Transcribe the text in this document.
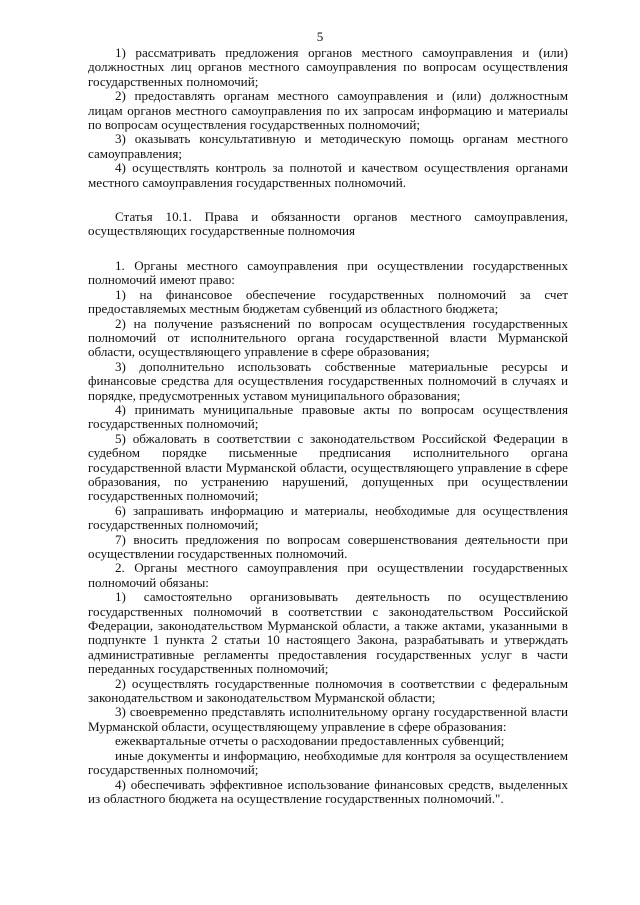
5

1) рассматривать предложения органов местного самоуправления и (или) должностных лиц органов местного самоуправления по вопросам осуществления государственных полномочий;

2) предоставлять органам местного самоуправления и (или) должностным лицам органов местного самоуправления по их запросам информацию и материалы по вопросам осуществления государственных полномочий;

3) оказывать консультативную и методическую помощь органам местного самоуправления;

4) осуществлять контроль за полнотой и качеством осуществления органами местного самоуправления государственных полномочий.

Статья 10.1. Права и обязанности органов местного самоуправления, осуществляющих государственные полномочия

1. Органы местного самоуправления при осуществлении государственных полномочий имеют право:

1) на финансовое обеспечение государственных полномочий за счет предоставляемых местным бюджетам субвенций из областного бюджета;

2) на получение разъяснений по вопросам осуществления государственных полномочий от исполнительного органа государственной власти Мурманской области, осуществляющего управление в сфере образования;

3) дополнительно использовать собственные материальные ресурсы и финансовые средства для осуществления государственных полномочий в случаях и порядке, предусмотренных уставом муниципального образования;

4) принимать муниципальные правовые акты по вопросам осуществления государственных полномочий;

5) обжаловать в соответствии с законодательством Российской Федерации в судебном порядке письменные предписания исполнительного органа государственной власти Мурманской области, осуществляющего управление в сфере образования, по устранению нарушений, допущенных при осуществлении государственных полномочий;

6) запрашивать информацию и материалы, необходимые для осуществления государственных полномочий;

7) вносить предложения по вопросам совершенствования деятельности при осуществлении государственных полномочий.

2. Органы местного самоуправления при осуществлении государственных полномочий обязаны:

1) самостоятельно организовывать деятельность по осуществлению государственных полномочий в соответствии с законодательством Российской Федерации, законодательством Мурманской области, а также актами, указанными в подпункте 1 пункта 2 статьи 10 настоящего Закона, разрабатывать и утверждать административные регламенты предоставления государственных услуг в части переданных государственных полномочий;

2) осуществлять государственные полномочия в соответствии с федеральным законодательством и законодательством Мурманской области;

3) своевременно представлять исполнительному органу государственной власти Мурманской области, осуществляющему управление в сфере образования:

ежеквартальные отчеты о расходовании предоставленных субвенций;

иные документы и информацию, необходимые для контроля за осуществлением государственных полномочий;

4) обеспечивать эффективное использование финансовых средств, выделенных из областного бюджета на осуществление государственных полномочий.".
